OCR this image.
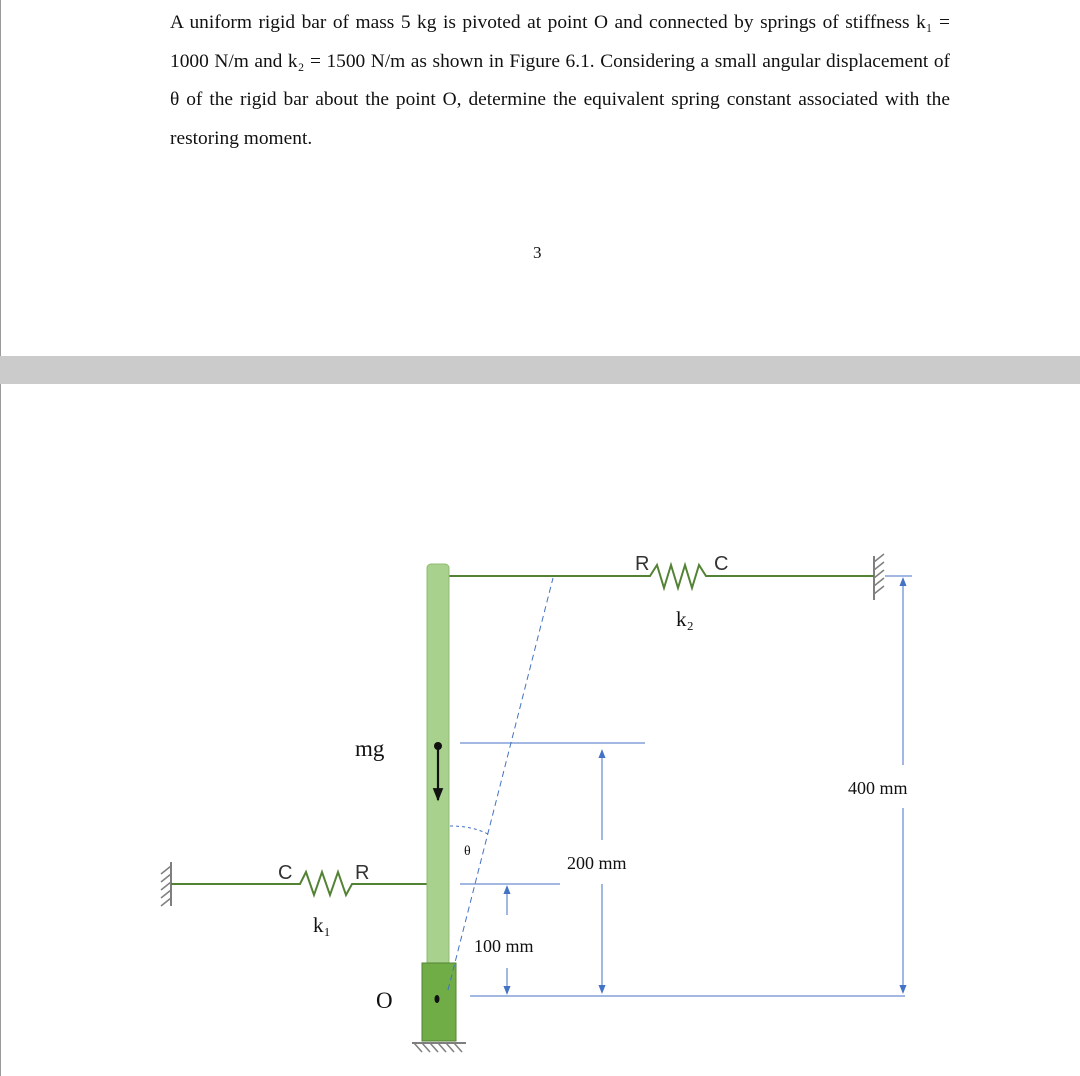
A uniform rigid bar of mass 5 kg is pivoted at point O and connected by springs of stiffness k₁ = 1000 N/m and k₂ = 1500 N/m as shown in Figure 6.1. Considering a small angular displacement of θ of the rigid bar about the point O, determine the equivalent spring constant associated with the restoring moment.

3
mg
θ
O
k₁
k₂
C	R
R	C
100 mm
200 mm
400 mm
